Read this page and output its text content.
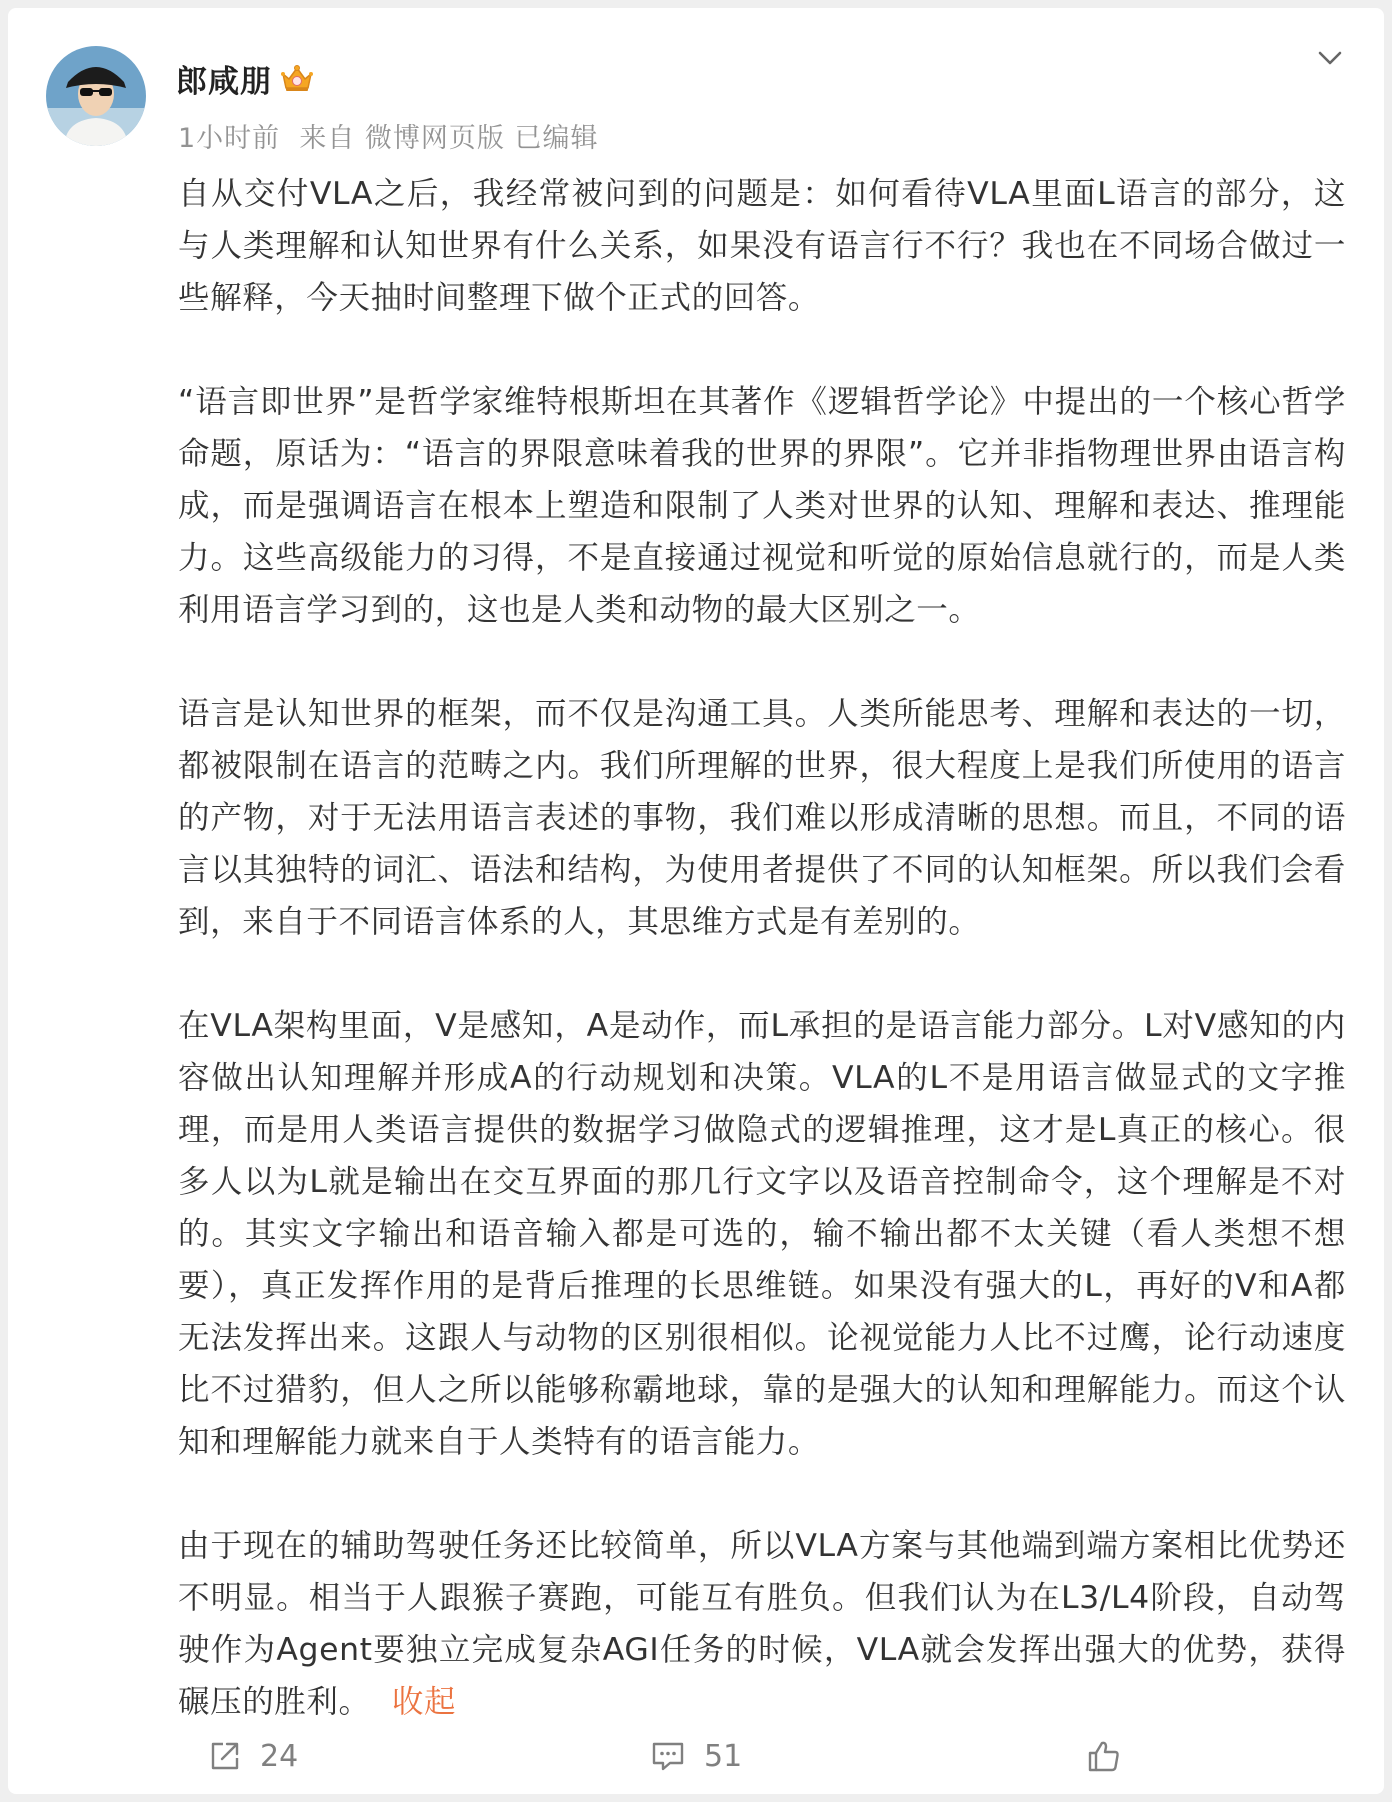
郎咸朋
1小时前  来自 微博网页版 已编辑

自从交付VLA之后，我经常被问到的问题是：如何看待VLA里面L语言的部分，这与人类理解和认知世界有什么关系，如果没有语言行不行？我也在不同场合做过一些解释，今天抽时间整理下做个正式的回答。

“语言即世界”是哲学家维特根斯坦在其著作《逻辑哲学论》中提出的一个核心哲学命题，原话为：“语言的界限意味着我的世界的界限”。它并非指物理世界由语言构成，而是强调语言在根本上塑造和限制了人类对世界的认知、理解和表达、推理能力。这些高级能力的习得，不是直接通过视觉和听觉的原始信息就行的，而是人类利用语言学习到的，这也是人类和动物的最大区别之一。

语言是认知世界的框架，而不仅是沟通工具。人类所能思考、理解和表达的一切，都被限制在语言的范畴之内。我们所理解的世界，很大程度上是我们所使用的语言的产物，对于无法用语言表述的事物，我们难以形成清晰的思想。而且，不同的语言以其独特的词汇、语法和结构，为使用者提供了不同的认知框架。所以我们会看到，来自于不同语言体系的人，其思维方式是有差别的。

在VLA架构里面，V是感知，A是动作，而L承担的是语言能力部分。L对V感知的内容做出认知理解并形成A的行动规划和决策。VLA的L不是用语言做显式的文字推理，而是用人类语言提供的数据学习做隐式的逻辑推理，这才是L真正的核心。很多人以为L就是输出在交互界面的那几行文字以及语音控制命令，这个理解是不对的。其实文字输出和语音输入都是可选的，输不输出都不太关键（看人类想不想要），真正发挥作用的是背后推理的长思维链。如果没有强大的L，再好的V和A都无法发挥出来。这跟人与动物的区别很相似。论视觉能力人比不过鹰，论行动速度比不过猎豹，但人之所以能够称霸地球，靠的是强大的认知和理解能力。而这个认知和理解能力就来自于人类特有的语言能力。

由于现在的辅助驾驶任务还比较简单，所以VLA方案与其他端到端方案相比优势还不明显。相当于人跟猴子赛跑，可能互有胜负。但我们认为在L3/L4阶段，自动驾驶作为Agent要独立完成复杂AGI任务的时候，VLA就会发挥出强大的优势，获得碾压的胜利。 收起

24	51
